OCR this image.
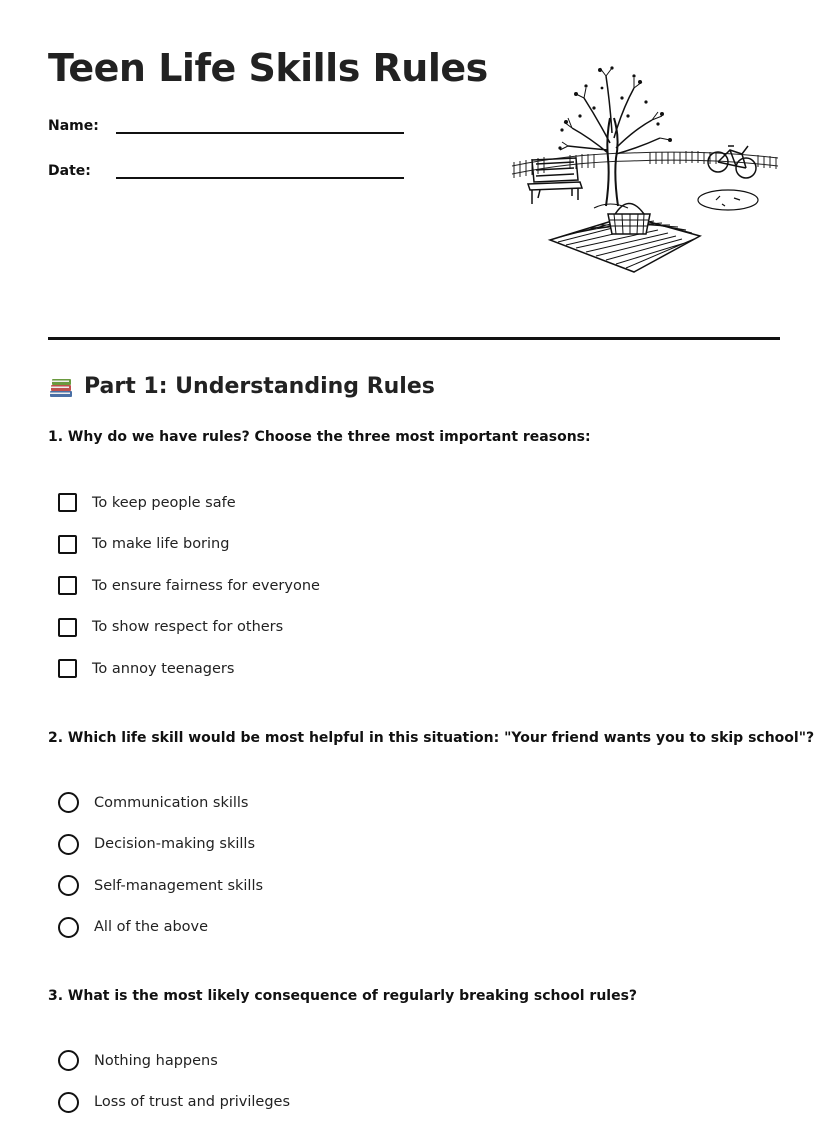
Teen Life Skills Rules
Name:
Date:
Part 1: Understanding Rules

1. Why do we have rules? Choose the three most important reasons:

To keep people safe
To make life boring
To ensure fairness for everyone
To show respect for others
To annoy teenagers

2. Which life skill would be most helpful in this situation: "Your friend wants you to skip school"?

Communication skills
Decision-making skills
Self-management skills
All of the above

3. What is the most likely consequence of regularly breaking school rules?

Nothing happens
Loss of trust and privileges
